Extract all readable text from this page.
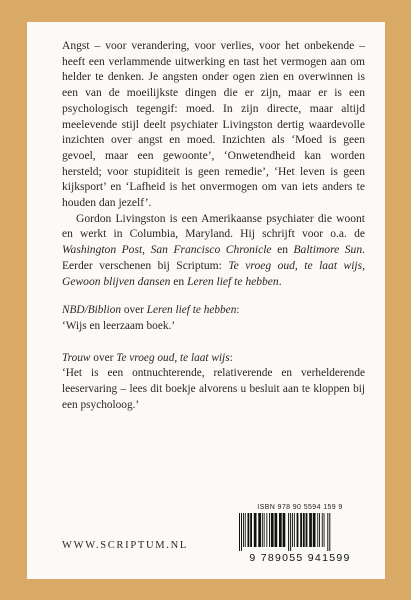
Angst – voor verandering, voor verlies, voor het onbekende – heeft een verlammende uitwerking en tast het vermogen aan om helder te denken. Je angsten onder ogen zien en overwinnen is een van de moeilijkste dingen die er zijn, maar er is een psychologisch tegengif: moed. In zijn directe, maar altijd meelevende stijl deelt psychiater Livingston dertig waardevolle inzichten over angst en moed. Inzichten als ‘Moed is geen gevoel, maar een gewoonte’, ‘Onwetendheid kan worden hersteld; voor stupiditeit is geen remedie’, ‘Het leven is geen kijksport’ en ‘Lafheid is het onvermogen om van iets anders te houden dan jezelf’.

Gordon Livingston is een Amerikaanse psychiater die woont en werkt in Columbia, Maryland. Hij schrijft voor o.a. de Washington Post, San Francisco Chronicle en Baltimore Sun. Eerder verschenen bij Scriptum: Te vroeg oud, te laat wijs, Gewoon blijven dansen en Leren lief te hebben.

NBD/Biblion over Leren lief te hebben:
‘Wijs en leerzaam boek.’
Trouw over Te vroeg oud, te laat wijs:
‘Het is een ontnuchterende, relativerende en verhelderende leeservaring – lees dit boekje alvorens u besluit aan te kloppen bij een psycholoog.’
WWW.SCRIPTUM.NL
ISBN 978 90 5594 159 9
9 789055 941599
